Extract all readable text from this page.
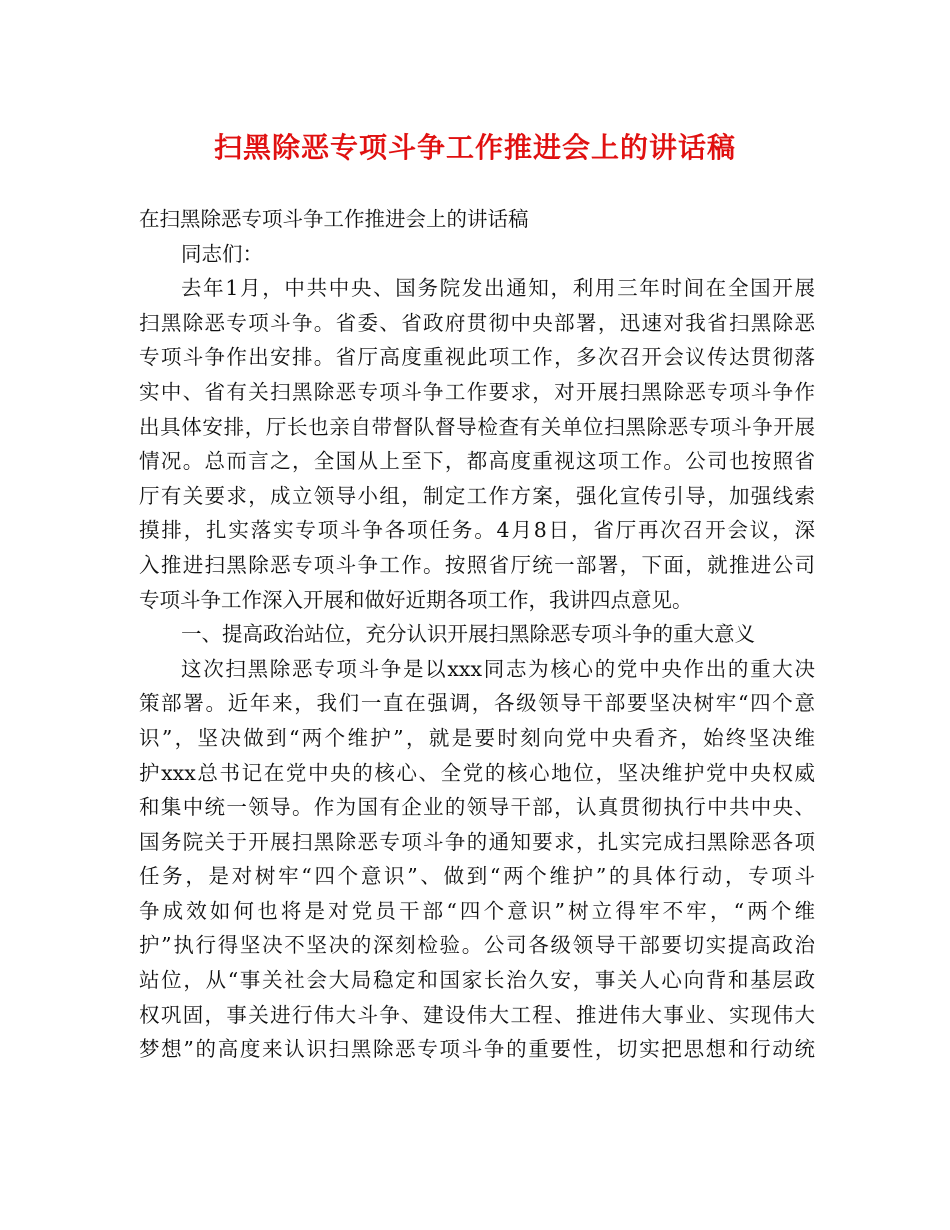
扫黑除恶专项斗争工作推进会上的讲话稿
在扫黑除恶专项斗争工作推进会上的讲话稿
同志们：
去年1月，中共中央、国务院发出通知，利用三年时间在全国开展
扫黑除恶专项斗争。省委、省政府贯彻中央部署，迅速对我省扫黑除恶
专项斗争作出安排。省厅高度重视此项工作，多次召开会议传达贯彻落
实中、省有关扫黑除恶专项斗争工作要求，对开展扫黑除恶专项斗争作
出具体安排，厅长也亲自带督队督导检查有关单位扫黑除恶专项斗争开展
情况。总而言之，全国从上至下，都高度重视这项工作。公司也按照省
厅有关要求，成立领导小组，制定工作方案，强化宣传引导，加强线索
摸排，扎实落实专项斗争各项任务。4月8日，省厅再次召开会议，深
入推进扫黑除恶专项斗争工作。按照省厅统一部署，下面，就推进公司
专项斗争工作深入开展和做好近期各项工作，我讲四点意见。
一、提高政治站位，充分认识开展扫黑除恶专项斗争的重大意义
这次扫黑除恶专项斗争是以xxx同志为核心的党中央作出的重大决
策部署。近年来，我们一直在强调，各级领导干部要坚决树牢“四个意
识”，坚决做到“两个维护”，就是要时刻向党中央看齐，始终坚决维
护xxx总书记在党中央的核心、全党的核心地位，坚决维护党中央权威
和集中统一领导。作为国有企业的领导干部，认真贯彻执行中共中央、
国务院关于开展扫黑除恶专项斗争的通知要求，扎实完成扫黑除恶各项
任务，是对树牢“四个意识”、做到“两个维护”的具体行动，专项斗
争成效如何也将是对党员干部“四个意识”树立得牢不牢，“两个维
护”执行得坚决不坚决的深刻检验。公司各级领导干部要切实提高政治
站位，从“事关社会大局稳定和国家长治久安，事关人心向背和基层政
权巩固，事关进行伟大斗争、建设伟大工程、推进伟大事业、实现伟大
梦想”的高度来认识扫黑除恶专项斗争的重要性，切实把思想和行动统
